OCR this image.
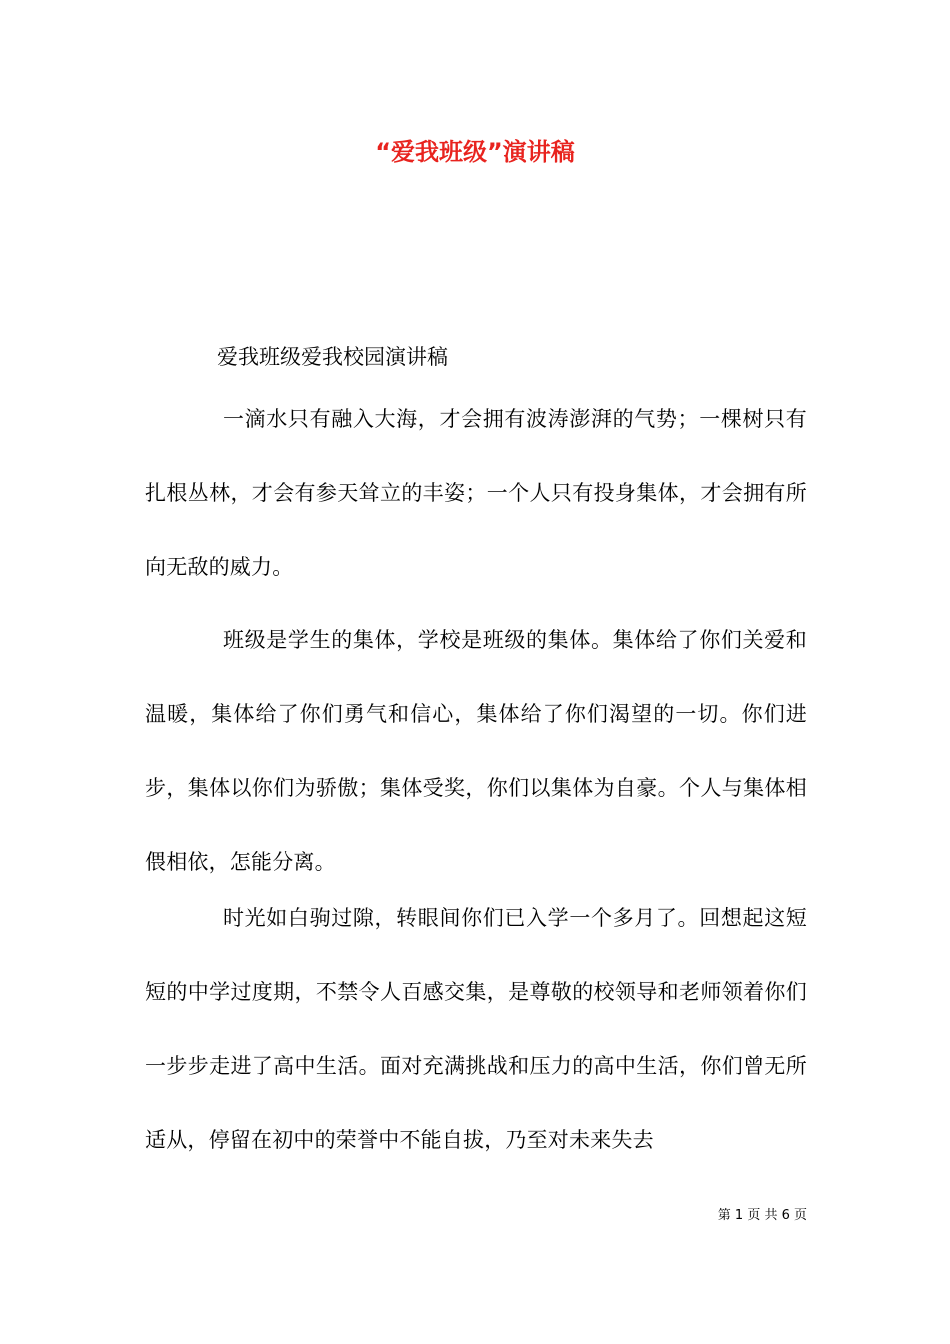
“爱我班级”演讲稿
爱我班级爱我校园演讲稿

一滴水只有融入大海，才会拥有波涛澎湃的气势；一棵树只有扎根丛林，才会有参天耸立的丰姿；一个人只有投身集体，才会拥有所向无敌的威力。

班级是学生的集体，学校是班级的集体。集体给了你们关爱和温暖，集体给了你们勇气和信心，集体给了你们渴望的一切。你们进步，集体以你们为骄傲；集体受奖，你们以集体为自豪。个人与集体相偎相依，怎能分离。

时光如白驹过隙，转眼间你们已入学一个多月了。回想起这短短的中学过度期，不禁令人百感交集，是尊敬的校领导和老师领着你们一步步走进了高中生活。面对充满挑战和压力的高中生活，你们曾无所适从，停留在初中的荣誉中不能自拔，乃至对未来失去

第 1 页 共 6 页
